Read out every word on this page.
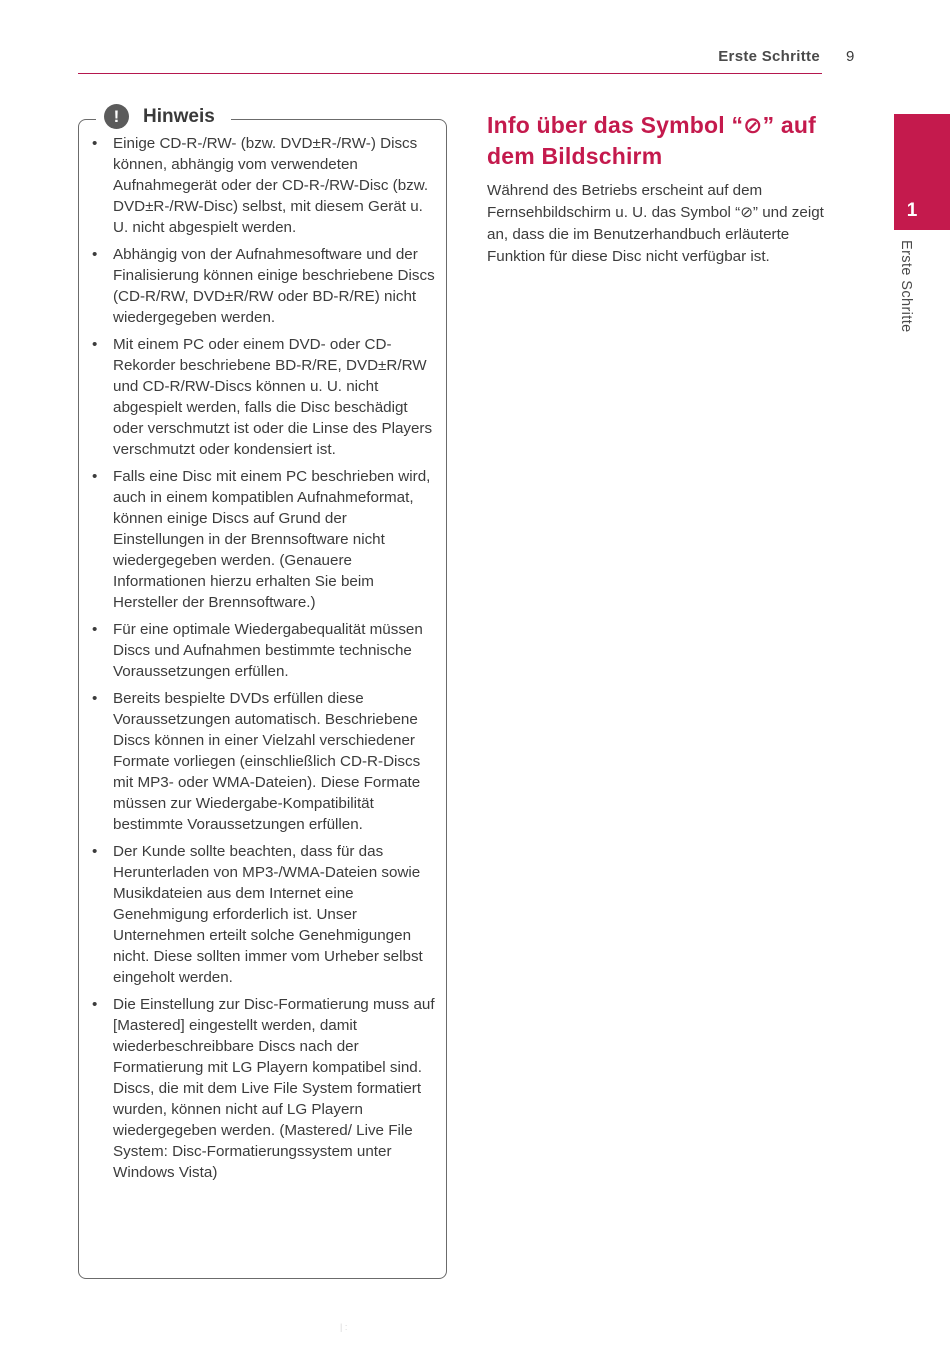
Erste Schritte 9
1
Erste Schritte
!	Hinweis
• Einige CD-R-/RW- (bzw. DVD±R-/RW-) Discs können, abhängig vom verwendeten Aufnahmegerät oder der CD-R-/RW-Disc (bzw. DVD±R-/RW-Disc) selbst, mit diesem Gerät u. U. nicht abgespielt werden.
• Abhängig von der Aufnahmesoftware und der Finalisierung können einige beschriebene Discs (CD-R/RW, DVD±R/RW oder BD-R/RE) nicht wiedergegeben werden.
• Mit einem PC oder einem DVD- oder CD-Rekorder beschriebene BD-R/RE, DVD±R/RW und CD-R/RW-Discs können u. U. nicht abgespielt werden, falls die Disc beschädigt oder verschmutzt ist oder die Linse des Players verschmutzt oder kondensiert ist.
• Falls eine Disc mit einem PC beschrieben wird, auch in einem kompatiblen Aufnahmeformat, können einige Discs auf Grund der Einstellungen in der Brennsoftware nicht wiedergegeben werden. (Genauere Informationen hierzu erhalten Sie beim Hersteller der Brennsoftware.)
• Für eine optimale Wiedergabequalität müssen Discs und Aufnahmen bestimmte technische Voraussetzungen erfüllen.
• Bereits bespielte DVDs erfüllen diese Voraussetzungen automatisch. Beschriebene Discs können in einer Vielzahl verschiedener Formate vorliegen (einschließlich CD-R-Discs mit MP3- oder WMA-Dateien). Diese Formate müssen zur Wiedergabe-Kompatibilität bestimmte Voraussetzungen erfüllen.
• Der Kunde sollte beachten, dass für das Herunterladen von MP3-/WMA-Dateien sowie Musikdateien aus dem Internet eine Genehmigung erforderlich ist. Unser Unternehmen erteilt solche Genehmigungen nicht. Diese sollten immer vom Urheber selbst eingeholt werden.
• Die Einstellung zur Disc-Formatierung muss auf [Mastered] eingestellt werden, damit wiederbeschreibbare Discs nach der Formatierung mit LG Playern kompatibel sind. Discs, die mit dem Live File System formatiert wurden, können nicht auf LG Playern wiedergegeben werden. (Mastered/ Live File System: Disc-Formatierungssystem unter Windows Vista)
Info über das Symbol “⊘” auf dem Bildschirm

Während des Betriebs erscheint auf dem Fernsehbildschirm u. U. das Symbol “⊘” und zeigt an, dass die im Benutzerhandbuch erläuterte Funktion für diese Disc nicht verfügbar ist.

| :
